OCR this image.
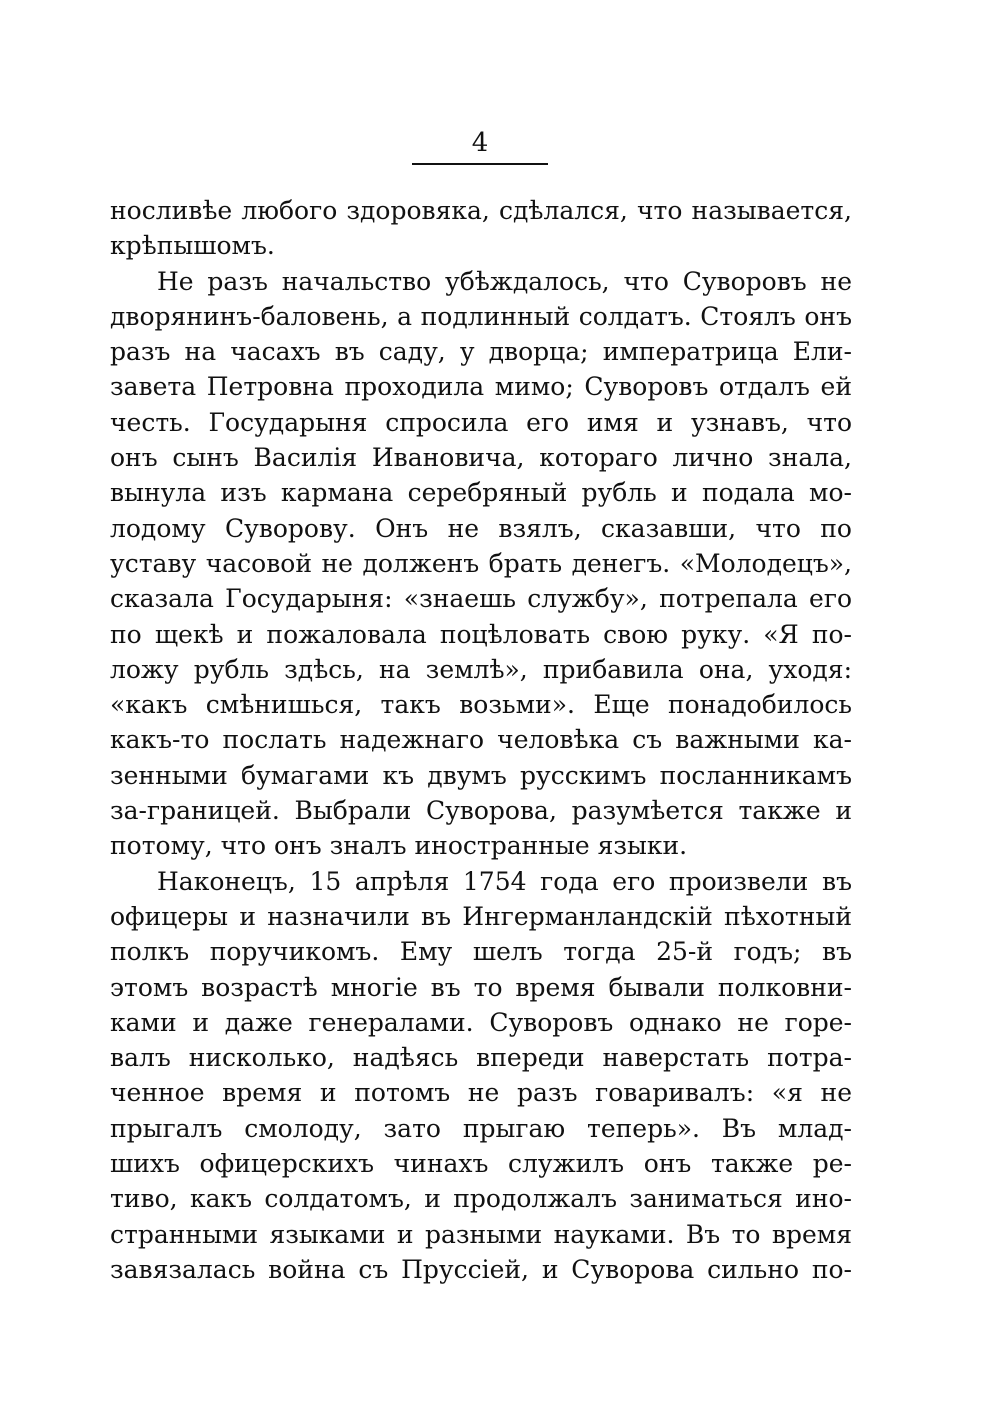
4
носливѣе любого здоровяка, сдѣлался, что называется,
крѣпышомъ.
Не разъ начальство убѣждалось, что Суворовъ не
дворянинъ-баловень, а подлинный солдатъ. Стоялъ онъ
разъ на часахъ въ саду, у дворца; императрица Ели-
завета Петровна проходила мимо; Суворовъ отдалъ ей
честь. Государыня спросила его имя и узнавъ, что
онъ сынъ Василія Ивановича, котораго лично знала,
вынула изъ кармана серебряный рубль и подала мо-
лодому Суворову. Онъ не взялъ, сказавши, что по
уставу часовой не долженъ брать денегъ. «Молодецъ»,
сказала Государыня: «знаешь службу», потрепала его
по щекѣ и пожаловала поцѣловать свою руку. «Я по-
ложу рубль здѣсь, на землѣ», прибавила она, уходя:
«какъ смѣнишься, такъ возьми». Еще понадобилось
какъ-то послать надежнаго человѣка съ важными ка-
зенными бумагами къ двумъ русскимъ посланникамъ
за-границей. Выбрали Суворова, разумѣется также и
потому, что онъ зналъ иностранные языки.
Наконецъ, 15 апрѣля 1754 года его произвели въ
офицеры и назначили въ Ингерманландскій пѣхотный
полкъ поручикомъ. Ему шелъ тогда 25-й годъ; въ
этомъ возрастѣ многіе въ то время бывали полковни-
ками и даже генералами. Суворовъ однако не горе-
валъ нисколько, надѣясь впереди наверстать потра-
ченное время и потомъ не разъ говаривалъ: «я не
прыгалъ смолоду, зато прыгаю теперь». Въ млад-
шихъ офицерскихъ чинахъ служилъ онъ также ре-
тиво, какъ солдатомъ, и продолжалъ заниматься ино-
странными языками и разными науками. Въ то время
завязалась война съ Пруссіей, и Суворова сильно по-
